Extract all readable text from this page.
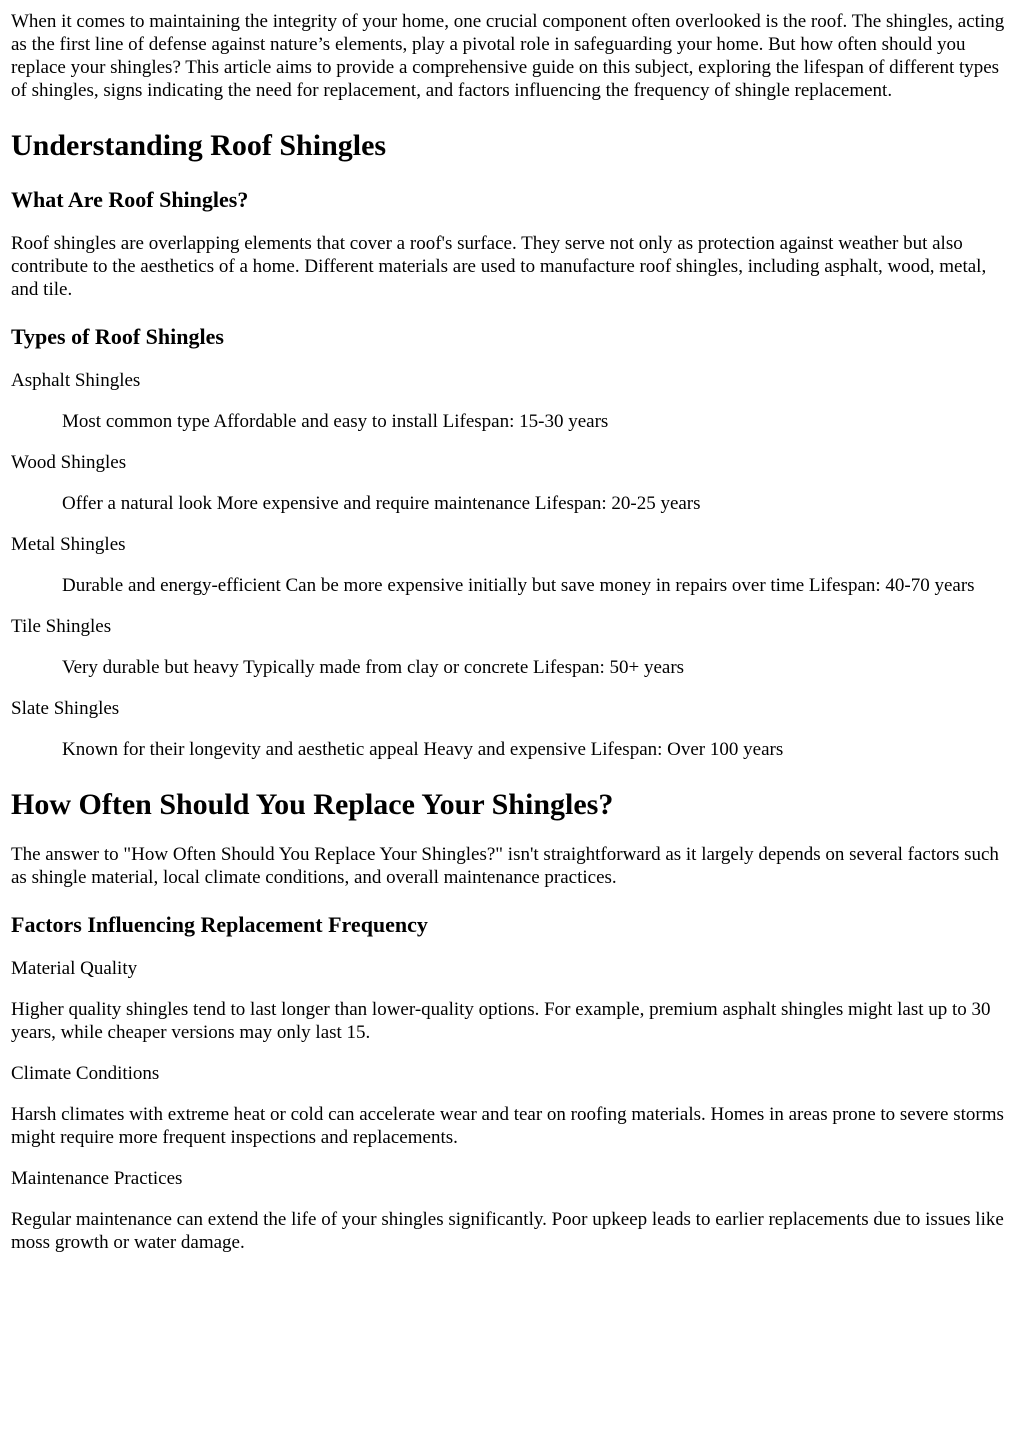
When it comes to maintaining the integrity of your home, one crucial component often overlooked is the roof. The shingles, acting as the first line of defense against nature’s elements, play a pivotal role in safeguarding your home. But how often should you replace your shingles? This article aims to provide a comprehensive guide on this subject, exploring the lifespan of different types of shingles, signs indicating the need for replacement, and factors influencing the frequency of shingle replacement.

Understanding Roof Shingles
What Are Roof Shingles?

Roof shingles are overlapping elements that cover a roof's surface. They serve not only as protection against weather but also contribute to the aesthetics of a home. Different materials are used to manufacture roof shingles, including asphalt, wood, metal, and tile.

Types of Roof Shingles

Asphalt Shingles

Most common type Affordable and easy to install Lifespan: 15-30 years

Wood Shingles

Offer a natural look More expensive and require maintenance Lifespan: 20-25 years

Metal Shingles

Durable and energy-efficient Can be more expensive initially but save money in repairs over time Lifespan: 40-70 years

Tile Shingles

Very durable but heavy Typically made from clay or concrete Lifespan: 50+ years

Slate Shingles

Known for their longevity and aesthetic appeal Heavy and expensive Lifespan: Over 100 years
How Often Should You Replace Your Shingles?

The answer to "How Often Should You Replace Your Shingles?" isn't straightforward as it largely depends on several factors such as shingle material, local climate conditions, and overall maintenance practices.

Factors Influencing Replacement Frequency

Material Quality

Higher quality shingles tend to last longer than lower-quality options. For example, premium asphalt shingles might last up to 30 years, while cheaper versions may only last 15.

Climate Conditions

Harsh climates with extreme heat or cold can accelerate wear and tear on roofing materials. Homes in areas prone to severe storms might require more frequent inspections and replacements.

Maintenance Practices

Regular maintenance can extend the life of your shingles significantly. Poor upkeep leads to earlier replacements due to issues like moss growth or water damage.
